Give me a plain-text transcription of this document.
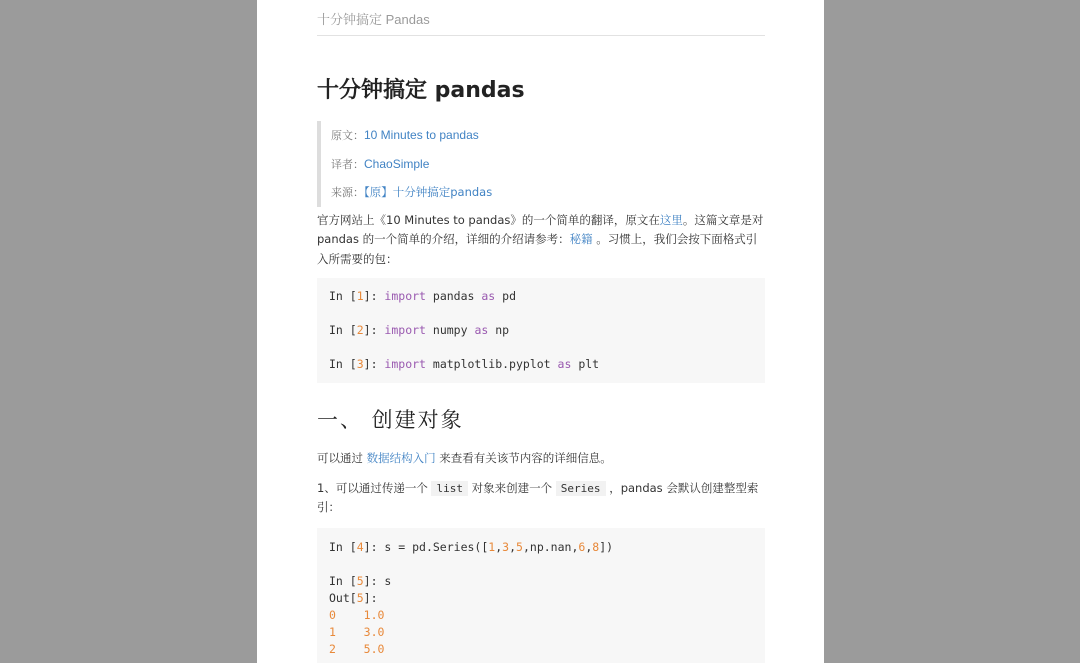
十分钟搞定 Pandas
十分钟搞定 pandas
原文：10 Minutes to pandas
译者：ChaoSimple
来源：【原】十分钟搞定pandas

官方网站上《10 Minutes to pandas》的一个简单的翻译，原文在这里。这篇文章是对 pandas 的一个简单的介绍，详细的介绍请参考：秘籍 。习惯上，我们会按下面格式引入所需要的包：

In [1]: import pandas as pd
In [2]: import numpy as np
In [3]: import matplotlib.pyplot as plt
一、 创建对象

可以通过 数据结构入门 来查看有关该节内容的详细信息。

1、可以通过传递一个 list 对象来创建一个 Series ，pandas 会默认创建整型索引：

In [4]: s = pd.Series([1,3,5,np.nan,6,8])
In [5]: s
Out[5]:
0 1.0
1 3.0
2 5.0
